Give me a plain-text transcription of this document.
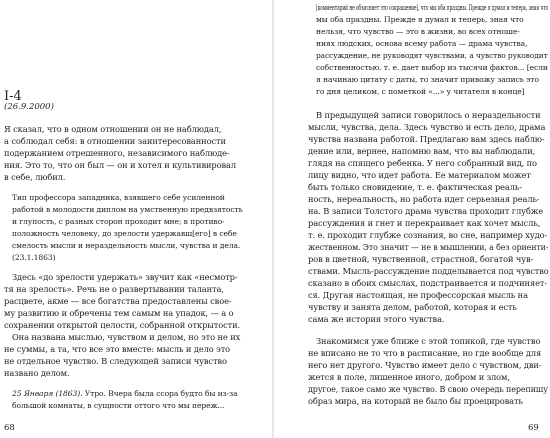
I-4
(26.9.2000)
Я сказал, что в одном отношении он не наблюдал,
а соблюдал себя: в отношении заинтересованности
подержанием отрешенного, независимого наблюде-
ния. Это то, что он был — он и хотел и культивировал
в себе, любил.
Тип профессора западника, взявшего себе усиленной
работой в молодости диплом на умственную предвзятость
и глупость, с разных сторон проходит мне; в противо-
положность человеку, до зрелости удержавш[его] в себе
смелость мысли и нераздельность мысли, чувства и дела.
(23.1.1863)
Здесь «до зрелости удержать» звучит как «несмотр-
тя на зрелость». Речь не о развертывании таланта,
расцвете, акме — все богатства предоставлены свое-
му развитию и обречены тем самым на упадок, — а о
сохранении открытой целости, собранной открытости.
Она названа мыслью, чувством и делом, но это не их
не суммы, а та, что все это вместе: мысль и дело это
не отдельное чувство. В следующей записи чувство
названо делом.
25 Января (1863). Утро. Вчера была ссора будто бы из-за
большой комнаты, в сущности оттого что мы переж...
68
[комментарий не объясняет это сокращение], что мы оба праздны. Прежде я думал и теперь, зная что
мы оба праздны. Прежде я думал и теперь, зная что
нельзя, что чувство — это в жизни, во всех отноше-
ниях людских, основа всему работа — драма чувства,
рассуждение, не руководят чувствами, а чувство руководит
собственностью. т. е. дает выбор из тысячи фактов... [если
я начинаю цитату с даты, то значит привожу запись это
го дня целиком, с пометкой «...» у читателя в конце]
В предыдущей записи говорилось о нераздельности
мысли, чувства, дела. Здесь чувство и есть дело, драма
чувства названа работой. Предлагаю вам здесь наблю-
дение или, вернее, напомню вам, что вы наблюдали,
глядя на спящего ребенка. У него собранный вид, по
лицу видно, что идет работа. Ее материалом может
быть только сновидение, т. е. фактическая реаль-
ность, нереальность, но работа идет серьезная реаль-
на. В записи Толстого драма чувства проходит глубже
рассуждения и гнет и перекраивает как хочет мысль,
т. е. проходит глубже сознания, во сне, например худо-
жественном. Это значит — не в мышлении, а без ориенти-
ров в цветной, чувственной, страстной, богатой чув-
ствами. Мысль-рассуждение подделывается под чувство
сказано в обоих смыслах, подстраивается и подчиняет-
ся. Другая настоящая, не профессорская мысль на
чувству и занята делом, работой, которая и есть
сама же история этого чувства.
Знакомимся уже ближе с этой топикой, где чувство
не вписано не то что в расписание, но где вообще для
него нет другого. Чувство имеет дело с чувством, дви-
жется в поле, лишенное иного, добром и злом,
другое, такое само же чувство. В свою очередь перепишу
образ мира, на который не было бы проецировать
69
